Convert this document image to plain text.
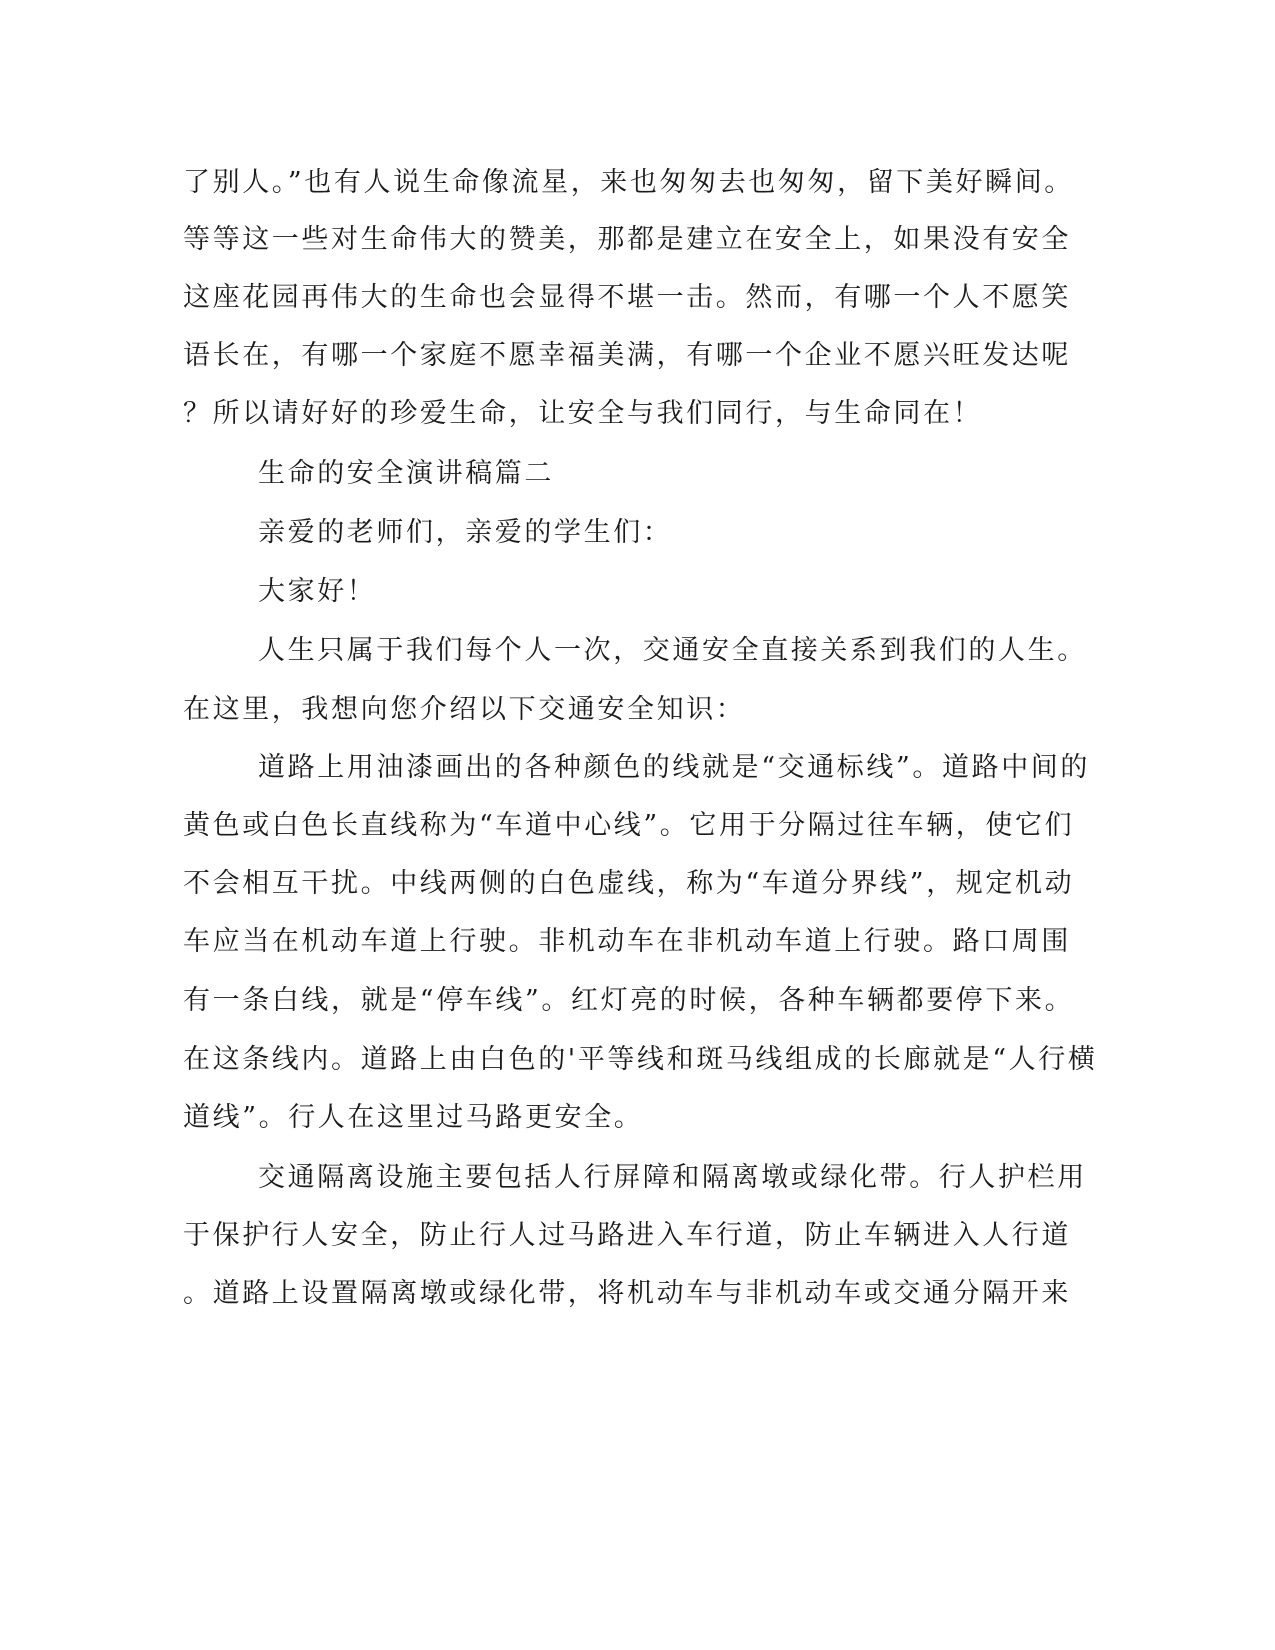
了别人。”也有人说生命像流星，来也匆匆去也匆匆，留下美好瞬间。
等等这一些对生命伟大的赞美，那都是建立在安全上，如果没有安全
这座花园再伟大的生命也会显得不堪一击。然而，有哪一个人不愿笑
语长在，有哪一个家庭不愿幸福美满，有哪一个企业不愿兴旺发达呢
？所以请好好的珍爱生命，让安全与我们同行，与生命同在！
生命的安全演讲稿篇二
亲爱的老师们，亲爱的学生们：
大家好！
人生只属于我们每个人一次，交通安全直接关系到我们的人生。
在这里，我想向您介绍以下交通安全知识：
道路上用油漆画出的各种颜色的线就是“交通标线”。道路中间的
黄色或白色长直线称为“车道中心线”。它用于分隔过往车辆，使它们
不会相互干扰。中线两侧的白色虚线，称为“车道分界线”，规定机动
车应当在机动车道上行驶。非机动车在非机动车道上行驶。路口周围
有一条白线，就是“停车线”。红灯亮的时候，各种车辆都要停下来。
在这条线内。道路上由白色的'平等线和斑马线组成的长廊就是“人行横
道线”。行人在这里过马路更安全。
交通隔离设施主要包括人行屏障和隔离墩或绿化带。行人护栏用
于保护行人安全，防止行人过马路进入车行道，防止车辆进入人行道
。道路上设置隔离墩或绿化带，将机动车与非机动车或交通分隔开来
